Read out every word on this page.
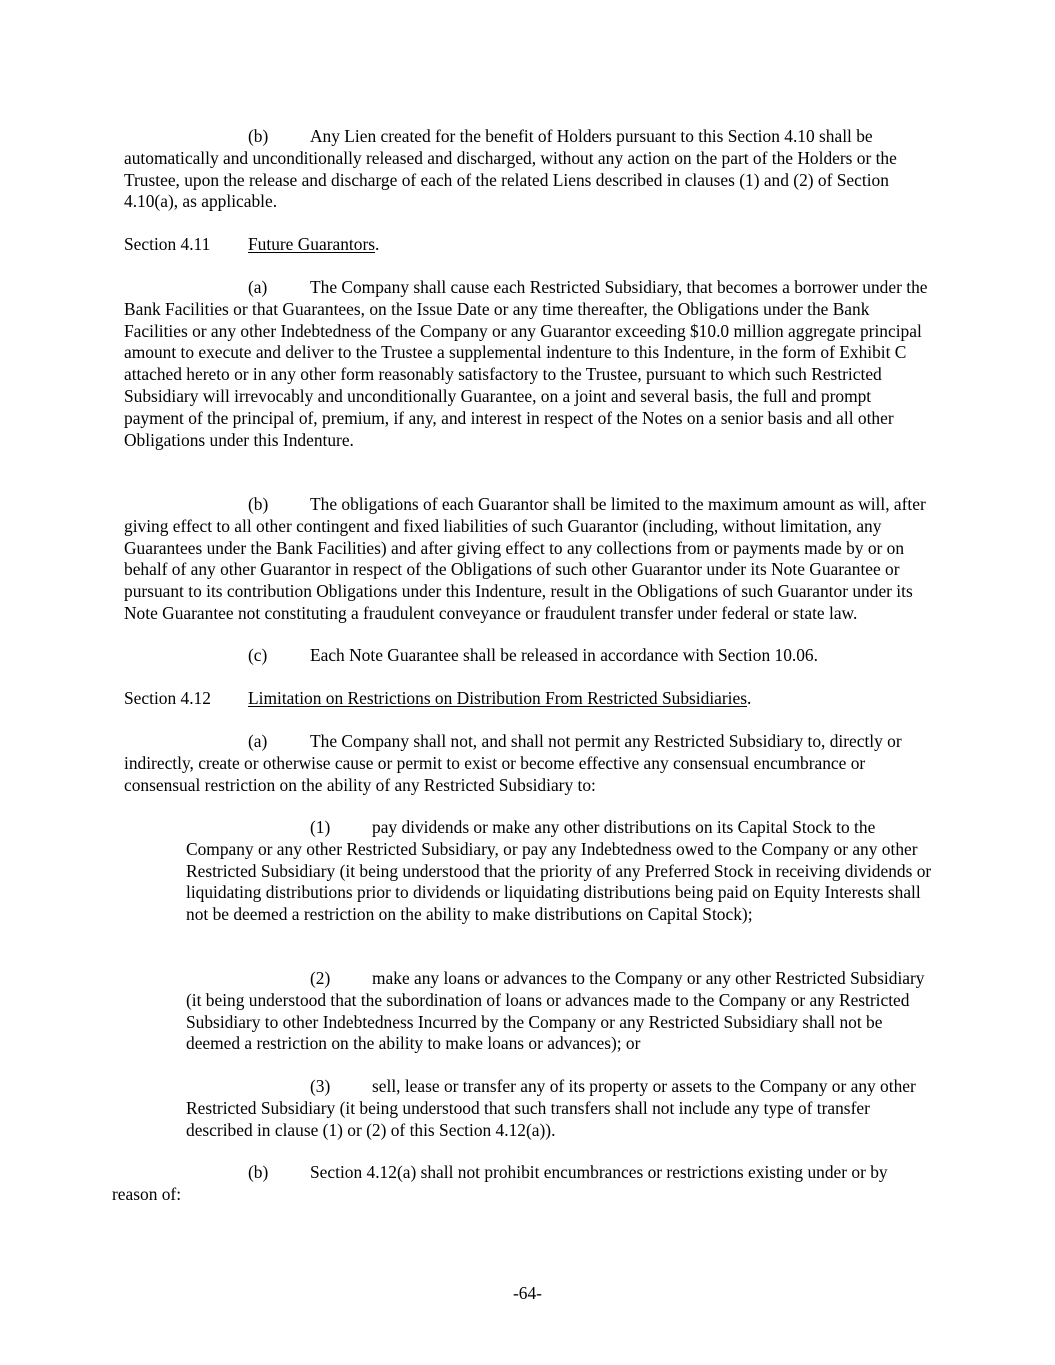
(b) Any Lien created for the benefit of Holders pursuant to this Section 4.10 shall be automatically and unconditionally released and discharged, without any action on the part of the Holders or the Trustee, upon the release and discharge of each of the related Liens described in clauses (1) and (2) of Section 4.10(a), as applicable.

Section 4.11 Future Guarantors.

(a) The Company shall cause each Restricted Subsidiary, that becomes a borrower under the Bank Facilities or that Guarantees, on the Issue Date or any time thereafter, the Obligations under the Bank Facilities or any other Indebtedness of the Company or any Guarantor exceeding $10.0 million aggregate principal amount to execute and deliver to the Trustee a supplemental indenture to this Indenture, in the form of Exhibit C attached hereto or in any other form reasonably satisfactory to the Trustee, pursuant to which such Restricted Subsidiary will irrevocably and unconditionally Guarantee, on a joint and several basis, the full and prompt payment of the principal of, premium, if any, and interest in respect of the Notes on a senior basis and all other Obligations under this Indenture.

(b) The obligations of each Guarantor shall be limited to the maximum amount as will, after giving effect to all other contingent and fixed liabilities of such Guarantor (including, without limitation, any Guarantees under the Bank Facilities) and after giving effect to any collections from or payments made by or on behalf of any other Guarantor in respect of the Obligations of such other Guarantor under its Note Guarantee or pursuant to its contribution Obligations under this Indenture, result in the Obligations of such Guarantor under its Note Guarantee not constituting a fraudulent conveyance or fraudulent transfer under federal or state law.

(c) Each Note Guarantee shall be released in accordance with Section 10.06.

Section 4.12 Limitation on Restrictions on Distribution From Restricted Subsidiaries.

(a) The Company shall not, and shall not permit any Restricted Subsidiary to, directly or indirectly, create or otherwise cause or permit to exist or become effective any consensual encumbrance or consensual restriction on the ability of any Restricted Subsidiary to:

(1) pay dividends or make any other distributions on its Capital Stock to the Company or any other Restricted Subsidiary, or pay any Indebtedness owed to the Company or any other Restricted Subsidiary (it being understood that the priority of any Preferred Stock in receiving dividends or liquidating distributions prior to dividends or liquidating distributions being paid on Equity Interests shall not be deemed a restriction on the ability to make distributions on Capital Stock);

(2) make any loans or advances to the Company or any other Restricted Subsidiary (it being understood that the subordination of loans or advances made to the Company or any Restricted Subsidiary to other Indebtedness Incurred by the Company or any Restricted Subsidiary shall not be deemed a restriction on the ability to make loans or advances); or

(3) sell, lease or transfer any of its property or assets to the Company or any other Restricted Subsidiary (it being understood that such transfers shall not include any type of transfer described in clause (1) or (2) of this Section 4.12(a)).

(b) Section 4.12(a) shall not prohibit encumbrances or restrictions existing under or by reason of:

-64-
